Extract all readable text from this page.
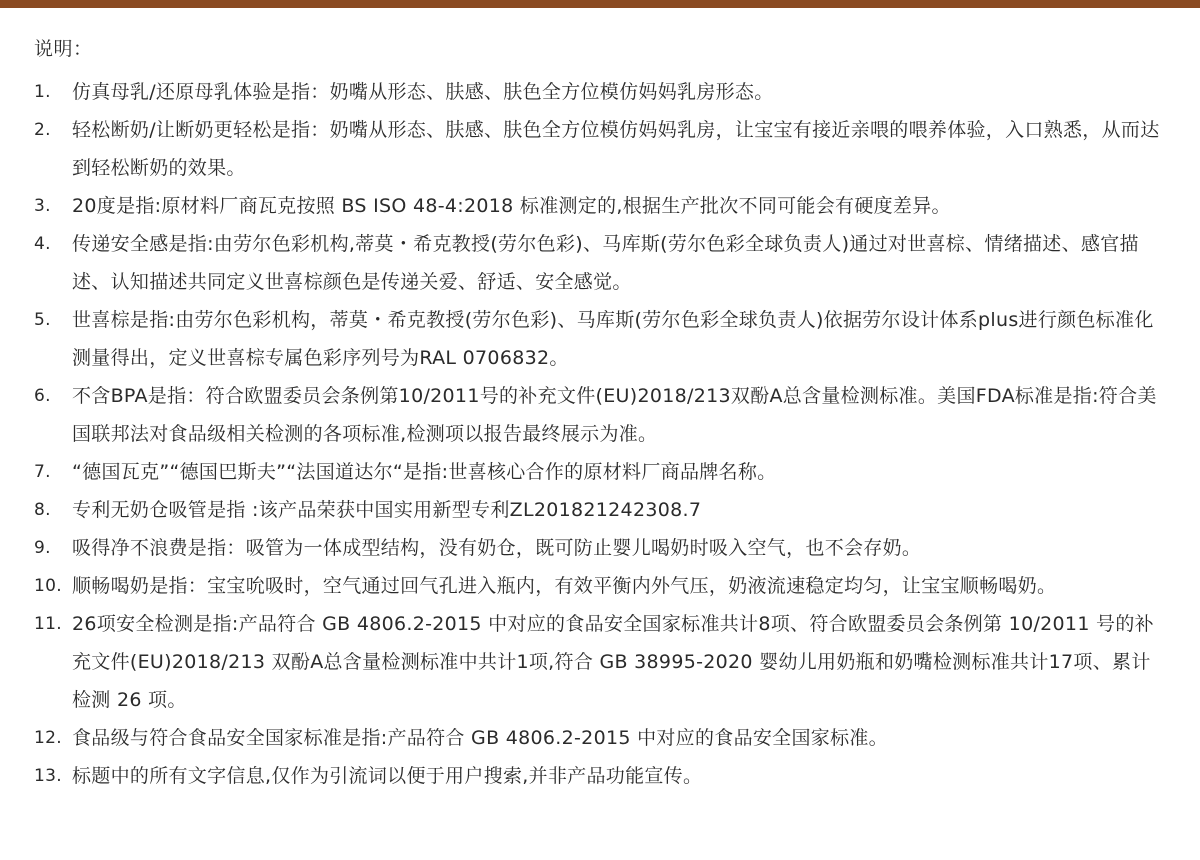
说明：
1.	仿真母乳/还原母乳体验是指：奶嘴从形态、肤感、肤色全方位模仿妈妈乳房形态。
2.	轻松断奶/让断奶更轻松是指：奶嘴从形态、肤感、肤色全方位模仿妈妈乳房，让宝宝有接近亲喂的喂养体验，入口熟悉，从而达到轻松断奶的效果。
3.	20度是指:原材料厂商瓦克按照 BS ISO 48-4:2018 标准测定的,根据生产批次不同可能会有硬度差异。
4.	传递安全感是指:由劳尔色彩机构,蒂莫・希克教授(劳尔色彩)、马库斯(劳尔色彩全球负责人)通过对世喜棕、情绪描述、感官描述、认知描述共同定义世喜棕颜色是传递关爱、舒适、安全感觉。
5.	世喜棕是指:由劳尔色彩机构，蒂莫・希克教授(劳尔色彩)、马库斯(劳尔色彩全球负责人)依据劳尔设计体系plus进行颜色标准化测量得出，定义世喜棕专属色彩序列号为RAL 0706832。
6.	不含BPA是指：符合欧盟委员会条例第10/2011号的补充文件(EU)2018/213双酚A总含量检测标准。美国FDA标准是指:符合美国联邦法对食品级相关检测的各项标准,检测项以报告最终展示为准。
7.	“德国瓦克”“德国巴斯夫”“法国道达尔“是指:世喜核心合作的原材料厂商品牌名称。
8.	专利无奶仓吸管是指 :该产品荣获中国实用新型专利ZL201821242308.7
9.	吸得净不浪费是指：吸管为一体成型结构，没有奶仓，既可防止婴儿喝奶时吸入空气，也不会存奶。
10. 顺畅喝奶是指：宝宝吮吸时，空气通过回气孔进入瓶内，有效平衡内外气压，奶液流速稳定均匀，让宝宝顺畅喝奶。
11. 26项安全检测是指:产品符合 GB 4806.2-2015 中对应的食品安全国家标准共计8项、符合欧盟委员会条例第 10/2011 号的补充文件(EU)2018/213 双酚A总含量检测标准中共计1项,符合 GB 38995-2020 婴幼儿用奶瓶和奶嘴检测标准共计17项、累计检测 26 项。
12. 食品级与符合食品安全国家标准是指:产品符合 GB 4806.2-2015 中对应的食品安全国家标准。
13. 标题中的所有文字信息,仅作为引流词以便于用户搜索,并非产品功能宣传。
